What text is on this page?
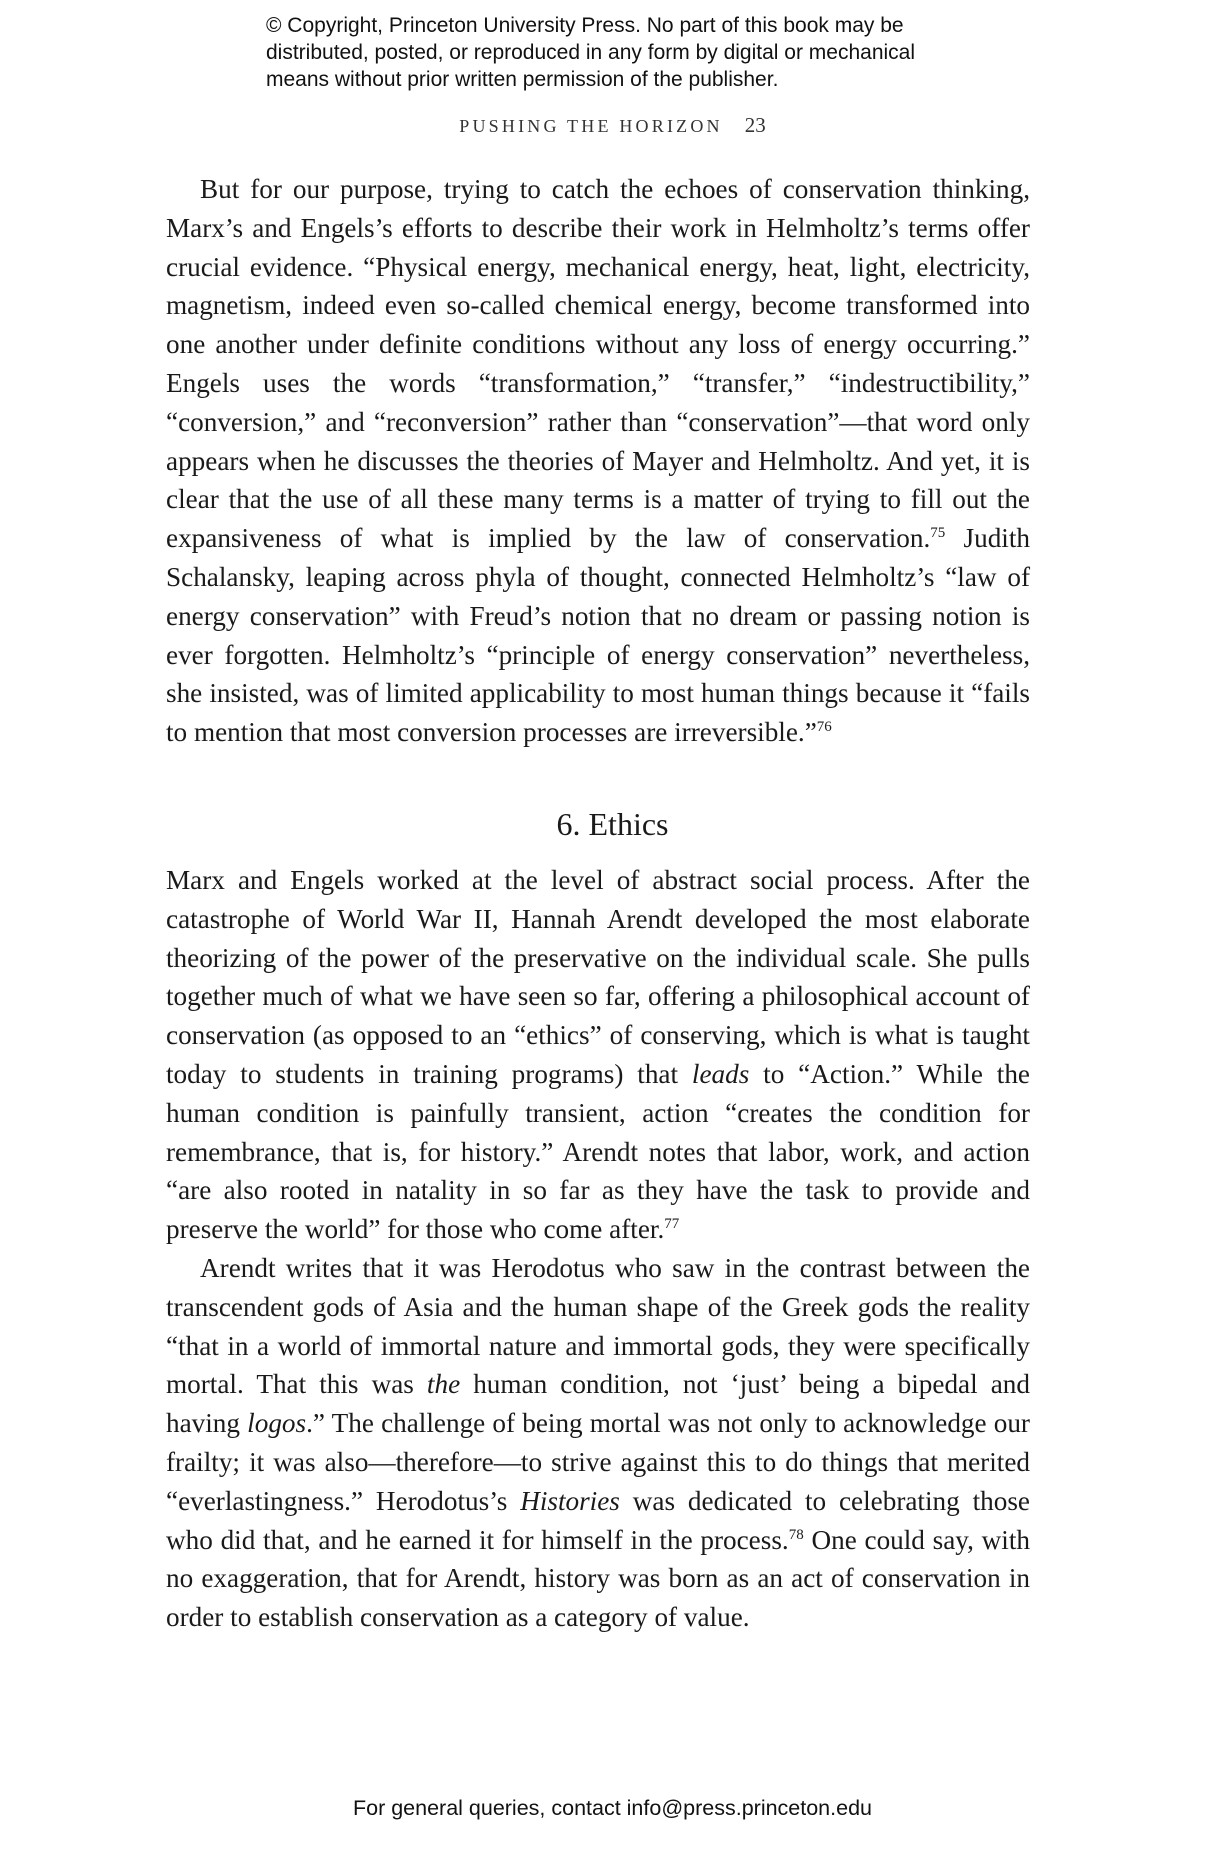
© Copyright, Princeton University Press. No part of this book may be
distributed, posted, or reproduced in any form by digital or mechanical
means without prior written permission of the publisher.
PUSHING THE HORIZON 23

But for our purpose, trying to catch the echoes of conservation thinking, Marx’s and Engels’s efforts to describe their work in Helmholtz’s terms offer crucial evidence. “Physical energy, mechanical energy, heat, light, electricity, magnetism, indeed even so-called chemical energy, become transformed into one another under definite conditions without any loss of energy occurring.” Engels uses the words “transformation,” “transfer,” “indestructibility,” “conversion,” and “reconversion” rather than “conservation”—that word only appears when he discusses the theories of Mayer and Helmholtz. And yet, it is clear that the use of all these many terms is a matter of trying to fill out the expansiveness of what is implied by the law of conservation.$^{75}$ Judith Schalansky, leaping across phyla of thought, connected Helmholtz’s “law of energy conservation” with Freud’s notion that no dream or passing notion is ever forgotten. Helmholtz’s “principle of energy conservation” nevertheless, she insisted, was of limited applicability to most human things because it “fails to mention that most conversion processes are irreversible.”$^{76}$

6. Ethics

Marx and Engels worked at the level of abstract social process. After the catastrophe of World War II, Hannah Arendt developed the most elaborate theorizing of the power of the preservative on the individual scale. She pulls together much of what we have seen so far, offering a philosophical account of conservation (as opposed to an “ethics” of conserving, which is what is taught today to students in training programs) that leads to “Action.” While the human condition is painfully transient, action “creates the condition for remembrance, that is, for history.” Arendt notes that labor, work, and action “are also rooted in natality in so far as they have the task to provide and preserve the world” for those who come after.$^{77}$

Arendt writes that it was Herodotus who saw in the contrast between the transcendent gods of Asia and the human shape of the Greek gods the reality “that in a world of immortal nature and immortal gods, they were specifically mortal. That this was the human condition, not ‘just’ being a bipedal and having logos.” The challenge of being mortal was not only to acknowledge our frailty; it was also—therefore—to strive against this to do things that merited “everlastingness.” Herodotus’s Histories was dedicated to celebrating those who did that, and he earned it for himself in the process.$^{78}$ One could say, with no exaggeration, that for Arendt, history was born as an act of conservation in order to establish conservation as a category of value.

For general queries, contact info@press.princeton.edu
